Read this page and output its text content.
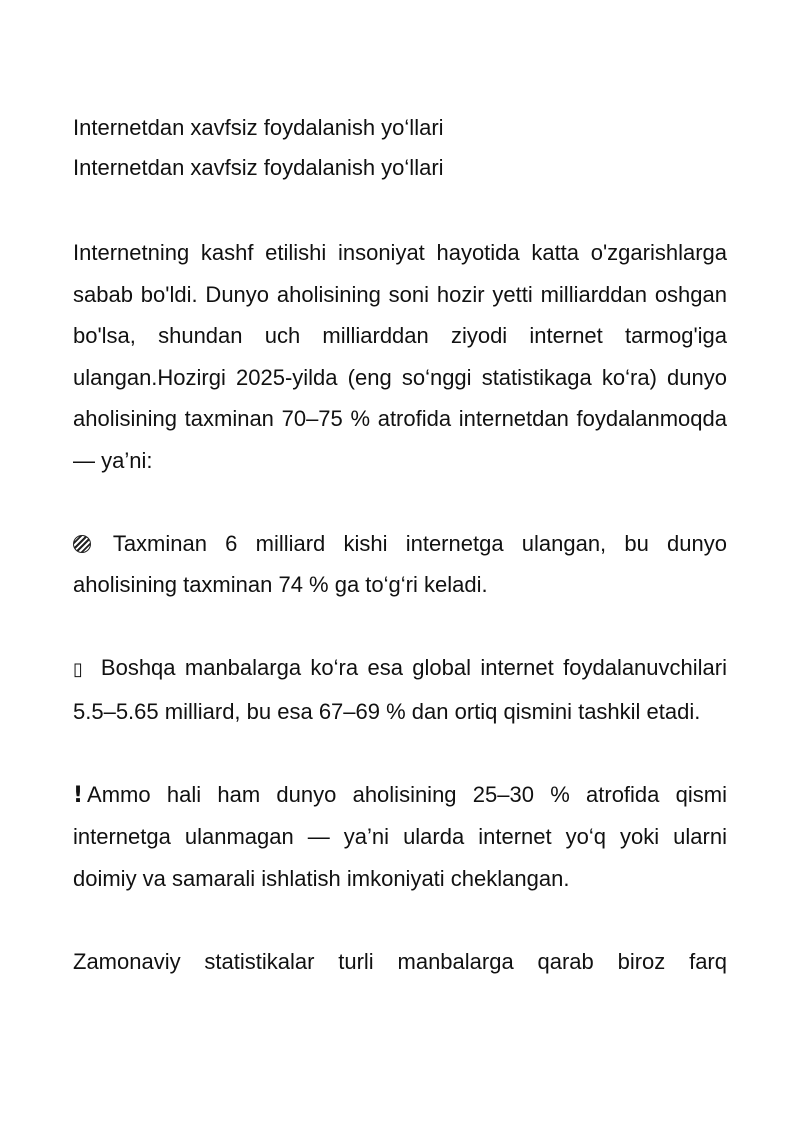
Internetdan xavfsiz foydalanish yo‘llari

Internetdan xavfsiz foydalanish yo‘llari

Internetning kashf etilishi insoniyat hayotida katta o'zgarishlarga sabab bo'ldi. Dunyo aholisining soni hozir yetti milliarddan oshgan bo'lsa, shundan uch milliarddan ziyodi internet tarmog'iga ulangan.Hozirgi 2025-yilda (eng so‘nggi statistikaga ko‘ra) dunyo aholisining taxminan 70–75 % atrofida internetdan foydalanmoqda — ya’ni:

Taxminan 6 milliard kishi internetga ulangan, bu dunyo aholisining taxminan 74 % ga to‘g‘ri keladi.

▯ Boshqa manbalarga ko‘ra esa global internet foydalanuvchilari 5.5–5.65 milliard, bu esa 67–69 % dan ortiq qismini tashkil etadi.

! Ammo hali ham dunyo aholisining 25–30 % atrofida qismi internetga ulanmagan — ya’ni ularda internet yo‘q yoki ularni doimiy va samarali ishlatish imkoniyati cheklangan.

Zamonaviy statistikalar turli manbalarga qarab biroz farq
